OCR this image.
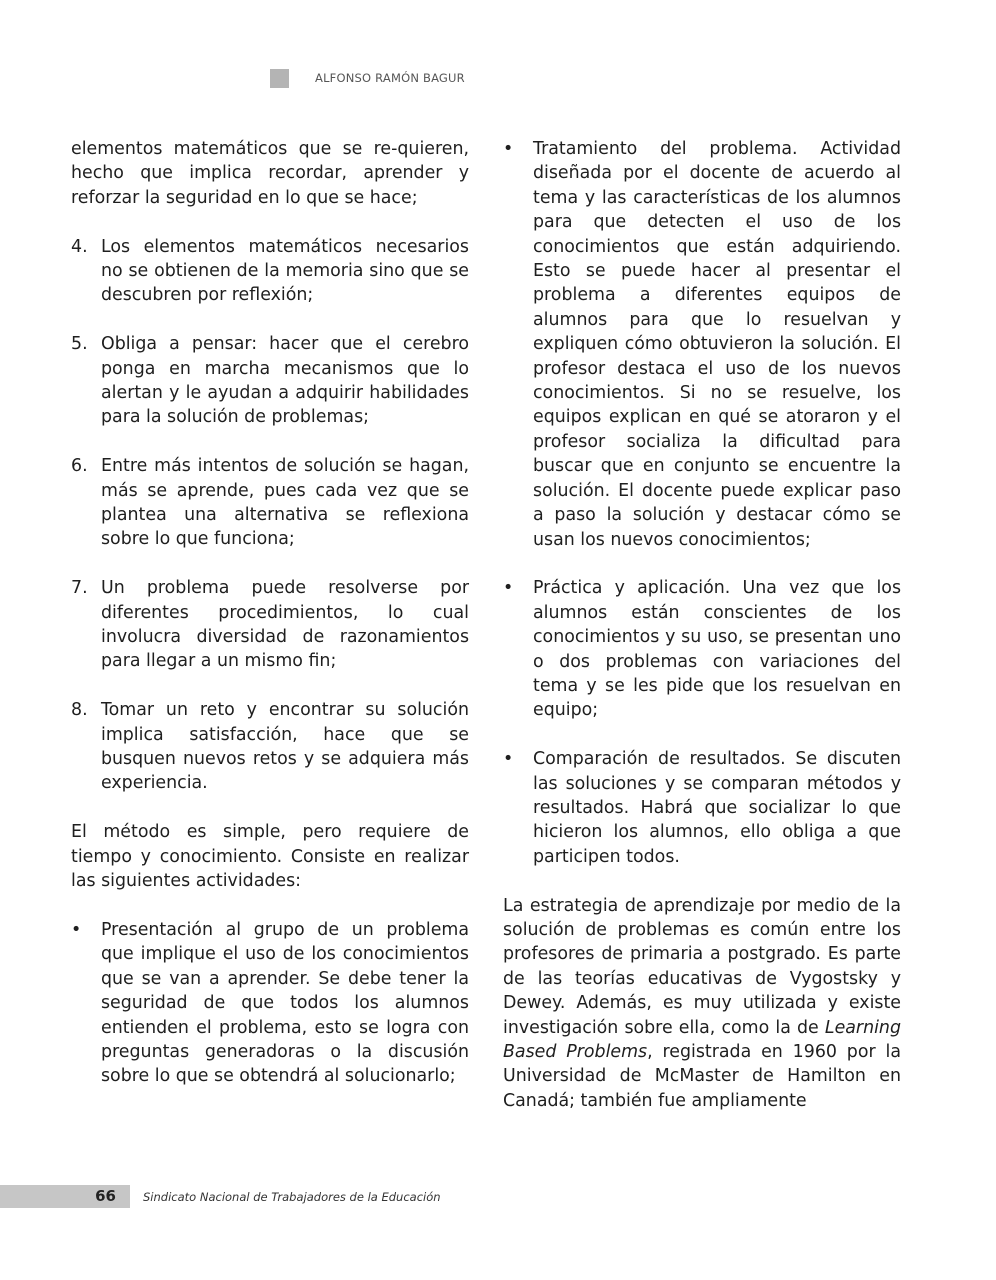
ALFONSO RAMÓN BAGUR

elementos matemáticos que se re-quieren, hecho que implica recordar, aprender y reforzar la seguridad en lo que se hace;

4. Los elementos matemáticos necesarios no se obtienen de la memoria sino que se descubren por reflexión;
5. Obliga a pensar: hacer que el cerebro ponga en marcha mecanismos que lo alertan y le ayudan a adquirir habilidades para la solución de problemas;
6. Entre más intentos de solución se hagan, más se aprende, pues cada vez que se plantea una alternativa se reflexiona sobre lo que funciona;
7. Un problema puede resolverse por diferentes procedimientos, lo cual involucra diversidad de razonamientos para llegar a un mismo fin;
8. Tomar un reto y encontrar su solución implica satisfacción, hace que se busquen nuevos retos y se adquiera más experiencia.

El método es simple, pero requiere de tiempo y conocimiento. Consiste en realizar las siguientes actividades:

•	Presentación al grupo de un problema que implique el uso de los conocimientos que se van a aprender. Se debe tener la seguridad de que todos los alumnos entienden el problema, esto se logra con preguntas generadoras o la discusión sobre lo que se obtendrá al solucionarlo;
•	Tratamiento del problema. Actividad diseñada por el docente de acuerdo al tema y las características de los alumnos para que detecten el uso de los conocimientos que están adquiriendo. Esto se puede hacer al presentar el problema a diferentes equipos de alumnos para que lo resuelvan y expliquen cómo obtuvieron la solución. El profesor destaca el uso de los nuevos conocimientos. Si no se resuelve, los equipos explican en qué se atoraron y el profesor socializa la dificultad para buscar que en conjunto se encuentre la solución. El docente puede explicar paso a paso la solución y destacar cómo se usan los nuevos conocimientos;
•	Práctica y aplicación. Una vez que los alumnos están conscientes de los conocimientos y su uso, se presentan uno o dos problemas con variaciones del tema y se les pide que los resuelvan en equipo;
•	Comparación de resultados. Se discuten las soluciones y se comparan métodos y resultados. Habrá que socializar lo que hicieron los alumnos, ello obliga a que participen todos.

La estrategia de aprendizaje por medio de la solución de problemas es común entre los profesores de primaria a postgrado. Es parte de las teorías educativas de Vygostsky y Dewey. Además, es muy utilizada y existe investigación sobre ella, como la de Learning Based Problems, registrada en 1960 por la Universidad de McMaster de Hamilton en Canadá; también fue ampliamente

66 Sindicato Nacional de Trabajadores de la Educación
